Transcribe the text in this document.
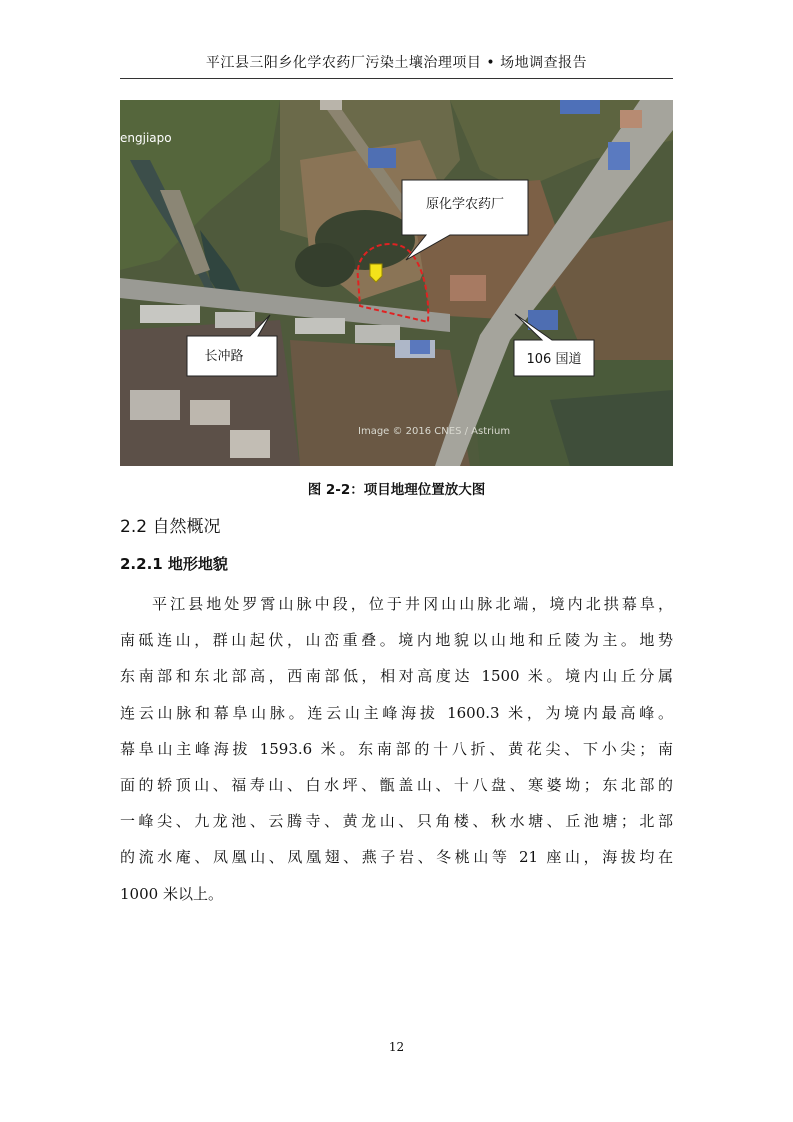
平江县三阳乡化学农药厂污染土壤治理项目 • 场地调查报告
engjiapo
原化学农药厂
长冲路	106 国道
Image © 2016 CNES / Astrium
图 2-2：项目地理位置放大图
2.2 自然概况
2.2.1 地形地貌
平江县地处罗霄山脉中段，位于井冈山山脉北端，境内北拱幕阜，
南砥连山，群山起伏，山峦重叠。境内地貌以山地和丘陵为主。地势
东南部和东北部高，西南部低，相对高度达 1500 米。境内山丘分属
连云山脉和幕阜山脉。连云山主峰海拔 1600.3 米，为境内最高峰。
幕阜山主峰海拔 1593.6 米。东南部的十八折、黄花尖、下小尖；南
面的轿顶山、福寿山、白水坪、甑盖山、十八盘、寒婆坳；东北部的
一峰尖、九龙池、云腾寺、黄龙山、只角楼、秋水塘、丘池塘；北部
的流水庵、凤凰山、凤凰翅、燕子岩、冬桃山等 21 座山，海拔均在
1000 米以上。
12
